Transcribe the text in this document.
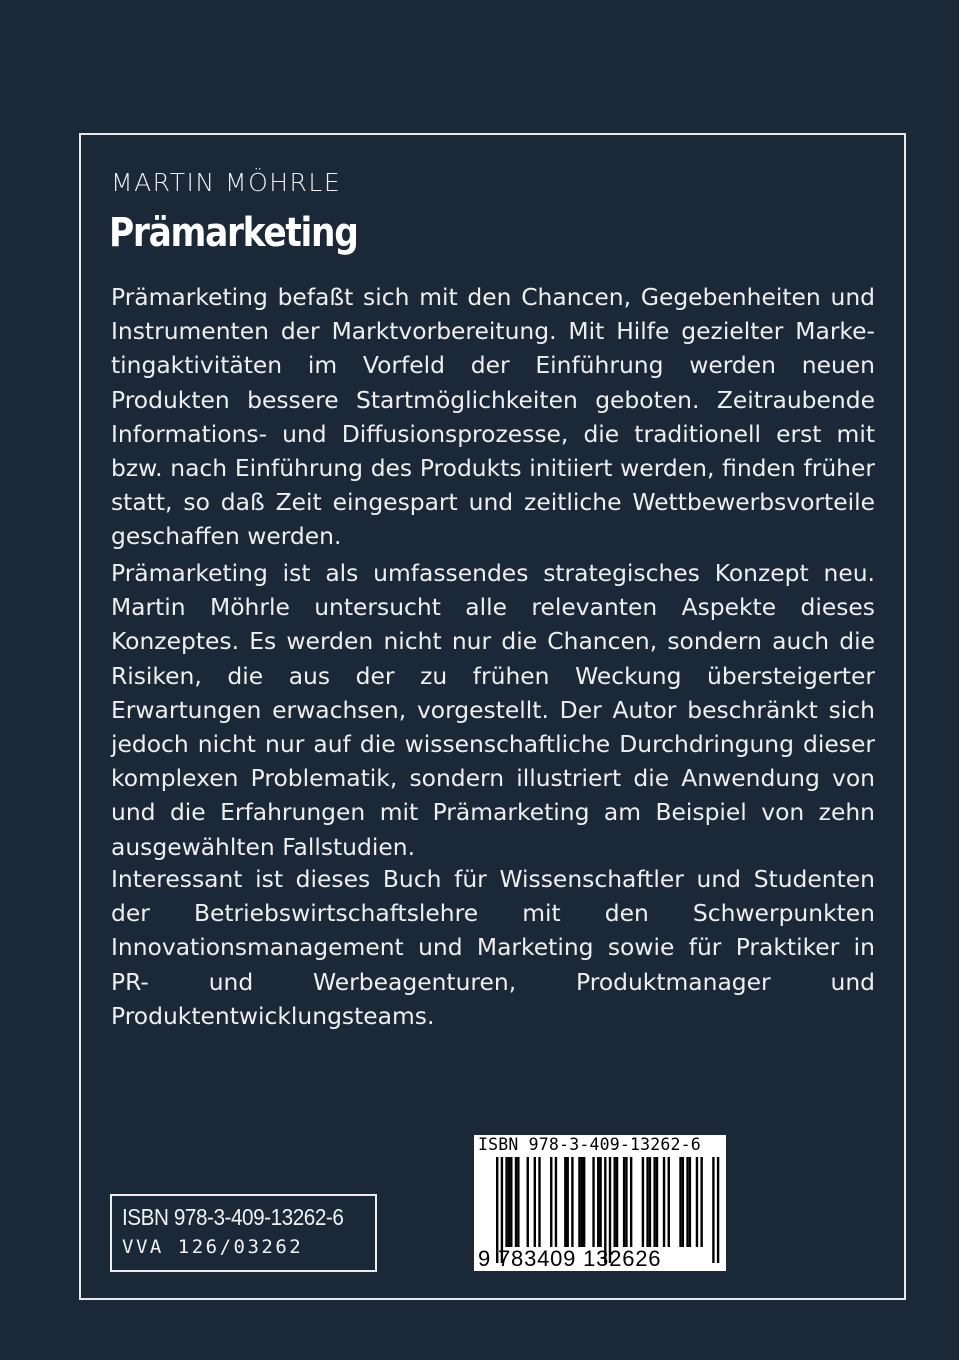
MARTIN MÖHRLE
Prämarketing
Prämarketing befaßt sich mit den Chancen, Gegebenheiten und Instrumenten der Marktvorbereitung. Mit Hilfe gezielter Marketingaktivitäten im Vorfeld der Einführung werden neuen Produkten bessere Startmöglichkeiten geboten. Zeitraubende Informations- und Diffusionsprozesse, die traditionell erst mit bzw. nach Einführung des Produkts initiiert werden, finden früher statt, so daß Zeit eingespart und zeitliche Wettbewerbsvorteile geschaffen werden.
Prämarketing ist als umfassendes strategisches Konzept neu. Martin Möhrle untersucht alle relevanten Aspekte dieses Konzeptes. Es werden nicht nur die Chancen, sondern auch die Risiken, die aus der zu frühen Weckung übersteigerter Erwartungen erwachsen, vorgestellt. Der Autor beschränkt sich jedoch nicht nur auf die wissenschaftliche Durchdringung dieser komplexen Problematik, sondern illustriert die Anwendung von und die Erfahrungen mit Prämarketing am Beispiel von zehn ausgewählten Fallstudien.
Interessant ist dieses Buch für Wissenschaftler und Studenten der Betriebswirtschaftslehre mit den Schwerpunkten Innovationsmanagement und Marketing sowie für Praktiker in PR- und Werbeagenturen, Produktmanager und Produktentwicklungsteams.
ISBN 978-3-409-13262-6
VVA 126/03262
ISBN 978-3-409-13262-6
9 783409 132626
